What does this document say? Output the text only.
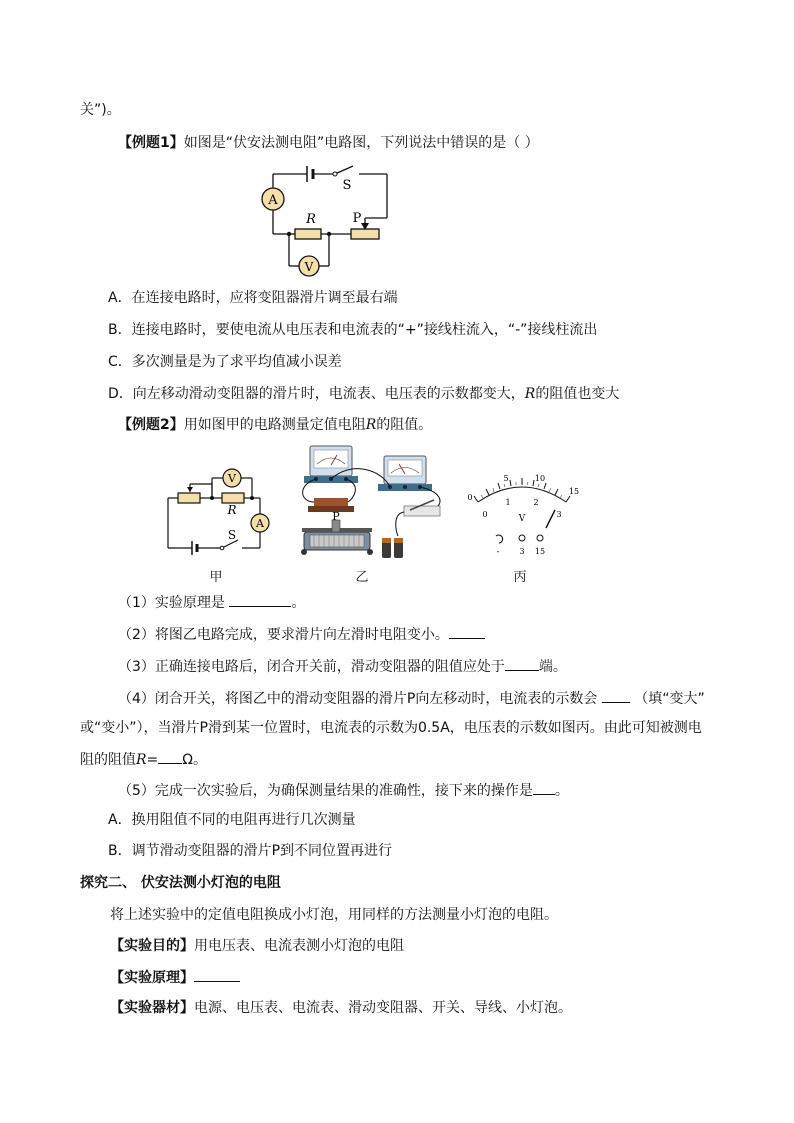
关”)。
【例题1】如图是“伏安法测电阻”电路图，下列说法中错误的是（ ）
A
V
S
R	P
A．在连接电路时，应将变阻器滑片调至最右端
B．连接电路时，要使电流从电压表和电流表的“+”接线柱流入，“-”接线柱流出
C．多次测量是为了求平均值减小误差
D．向左移动滑动变阻器的滑片时，电流表、电压表的示数都变大，R的阻值也变大
【例题2】用如图甲的电路测量定值电阻R的阻值。
V
A
R
S
P
0
5	10
15
0
1	2
3
V
-	3 15
甲	乙	丙
（1）实验原理是	。
（2）将图乙电路完成，要求滑片向左滑时电阻变小。
（3）正确连接电路后，闭合开关前，滑动变阻器的阻值应处于 端。
（4）闭合开关，将图乙中的滑动变阻器的滑片P向左移动时，电流表的示数会	（填“变大”
或“变小”），当滑片P滑到某一位置时，电流表的示数为0.5A，电压表的示数如图丙。由此可知被测电
阻的阻值R= Ω。
（5）完成一次实验后，为确保测量结果的准确性，接下来的操作是 。
A．换用阻值不同的电阻再进行几次测量
B．调节滑动变阻器的滑片P到不同位置再进行
探究二、 伏安法测小灯泡的电阻
将上述实验中的定值电阻换成小灯泡，用同样的方法测量小灯泡的电阻。
【实验目的】用电压表、电流表测小灯泡的电阻
【实验原理】
【实验器材】电源、电压表、电流表、滑动变阻器、开关、导线、小灯泡。
